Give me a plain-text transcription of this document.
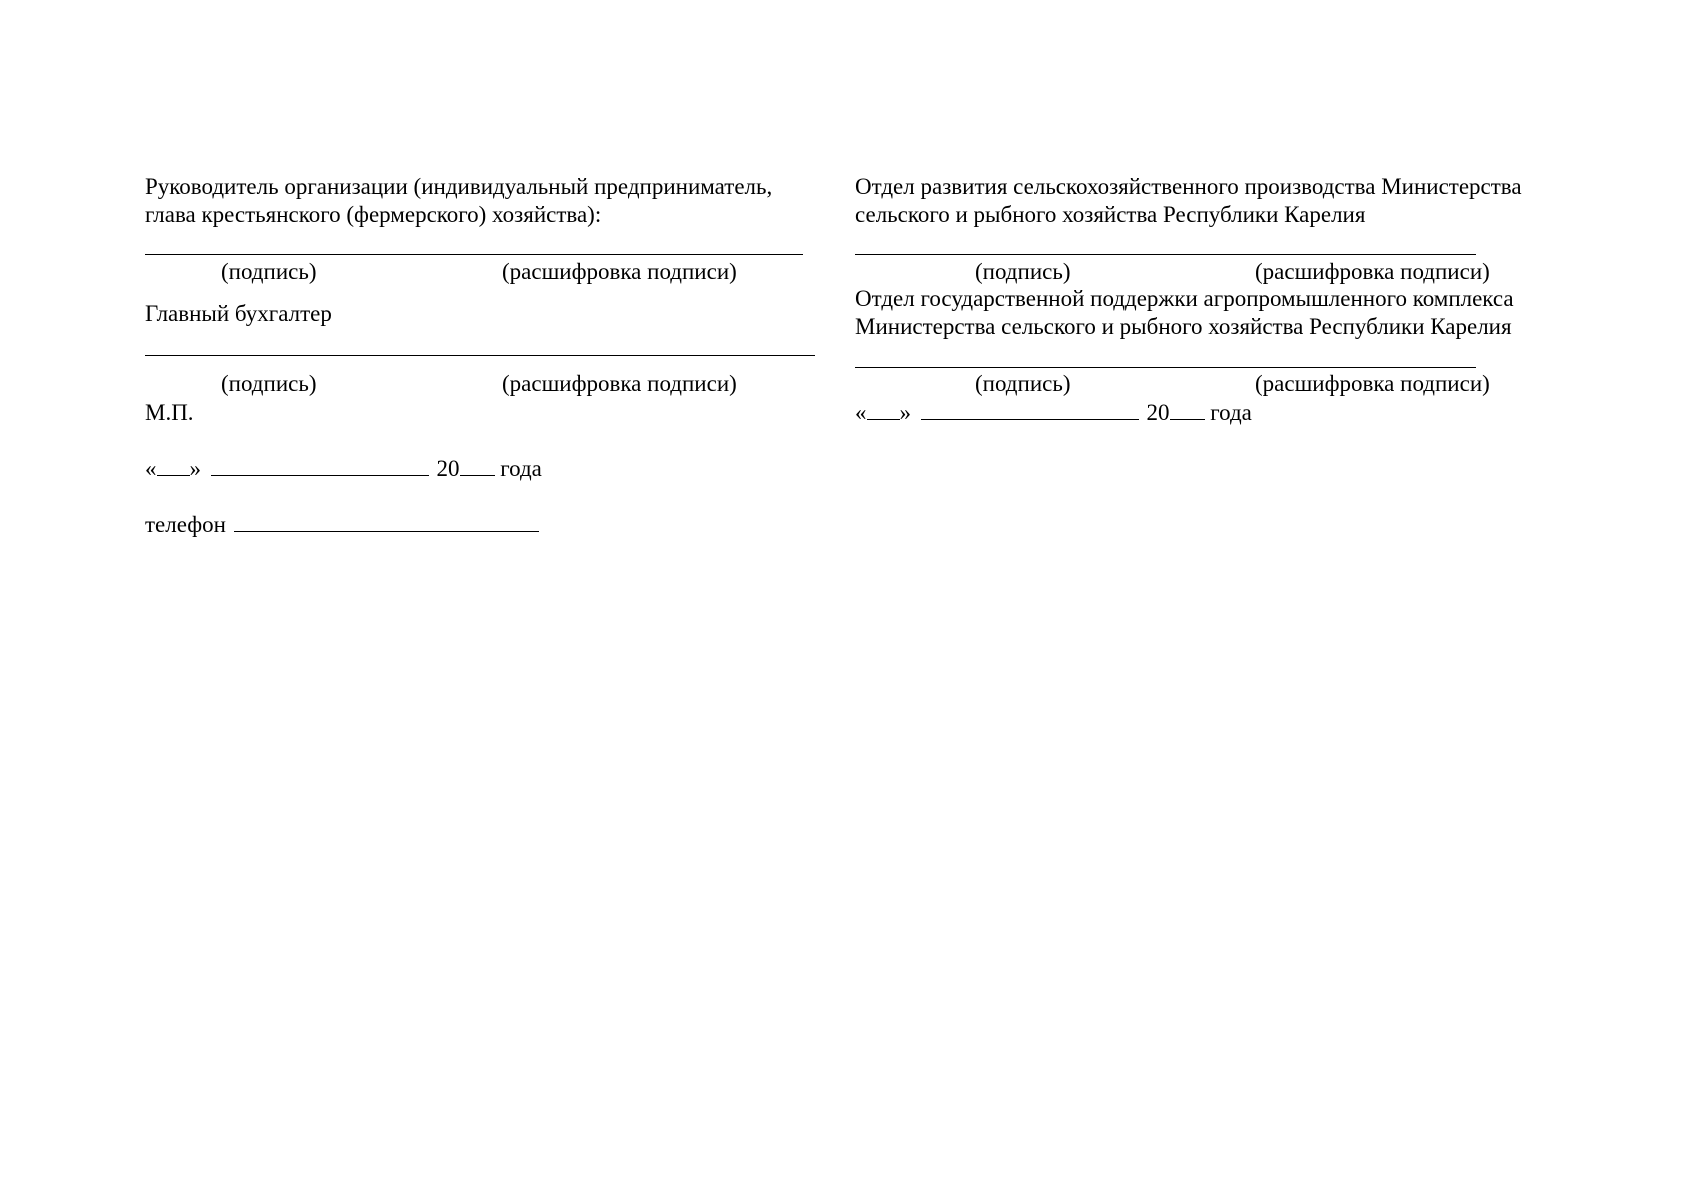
Руководитель организации (индивидуальный предприниматель,
глава крестьянского (фермерского) хозяйства):
(подпись)	(расшифровка подписи)
Главный бухгалтер
(подпись)	(расшифровка подписи)
М.П.
« »	20 года
телефон
Отдел развития сельскохозяйственного производства Министерства
сельского и рыбного хозяйства Республики Карелия
(подпись)	(расшифровка подписи)
Отдел государственной поддержки агропромышленного комплекса
Министерства сельского и рыбного хозяйства Республики Карелия
(подпись)	(расшифровка подписи)
« »	20 года
